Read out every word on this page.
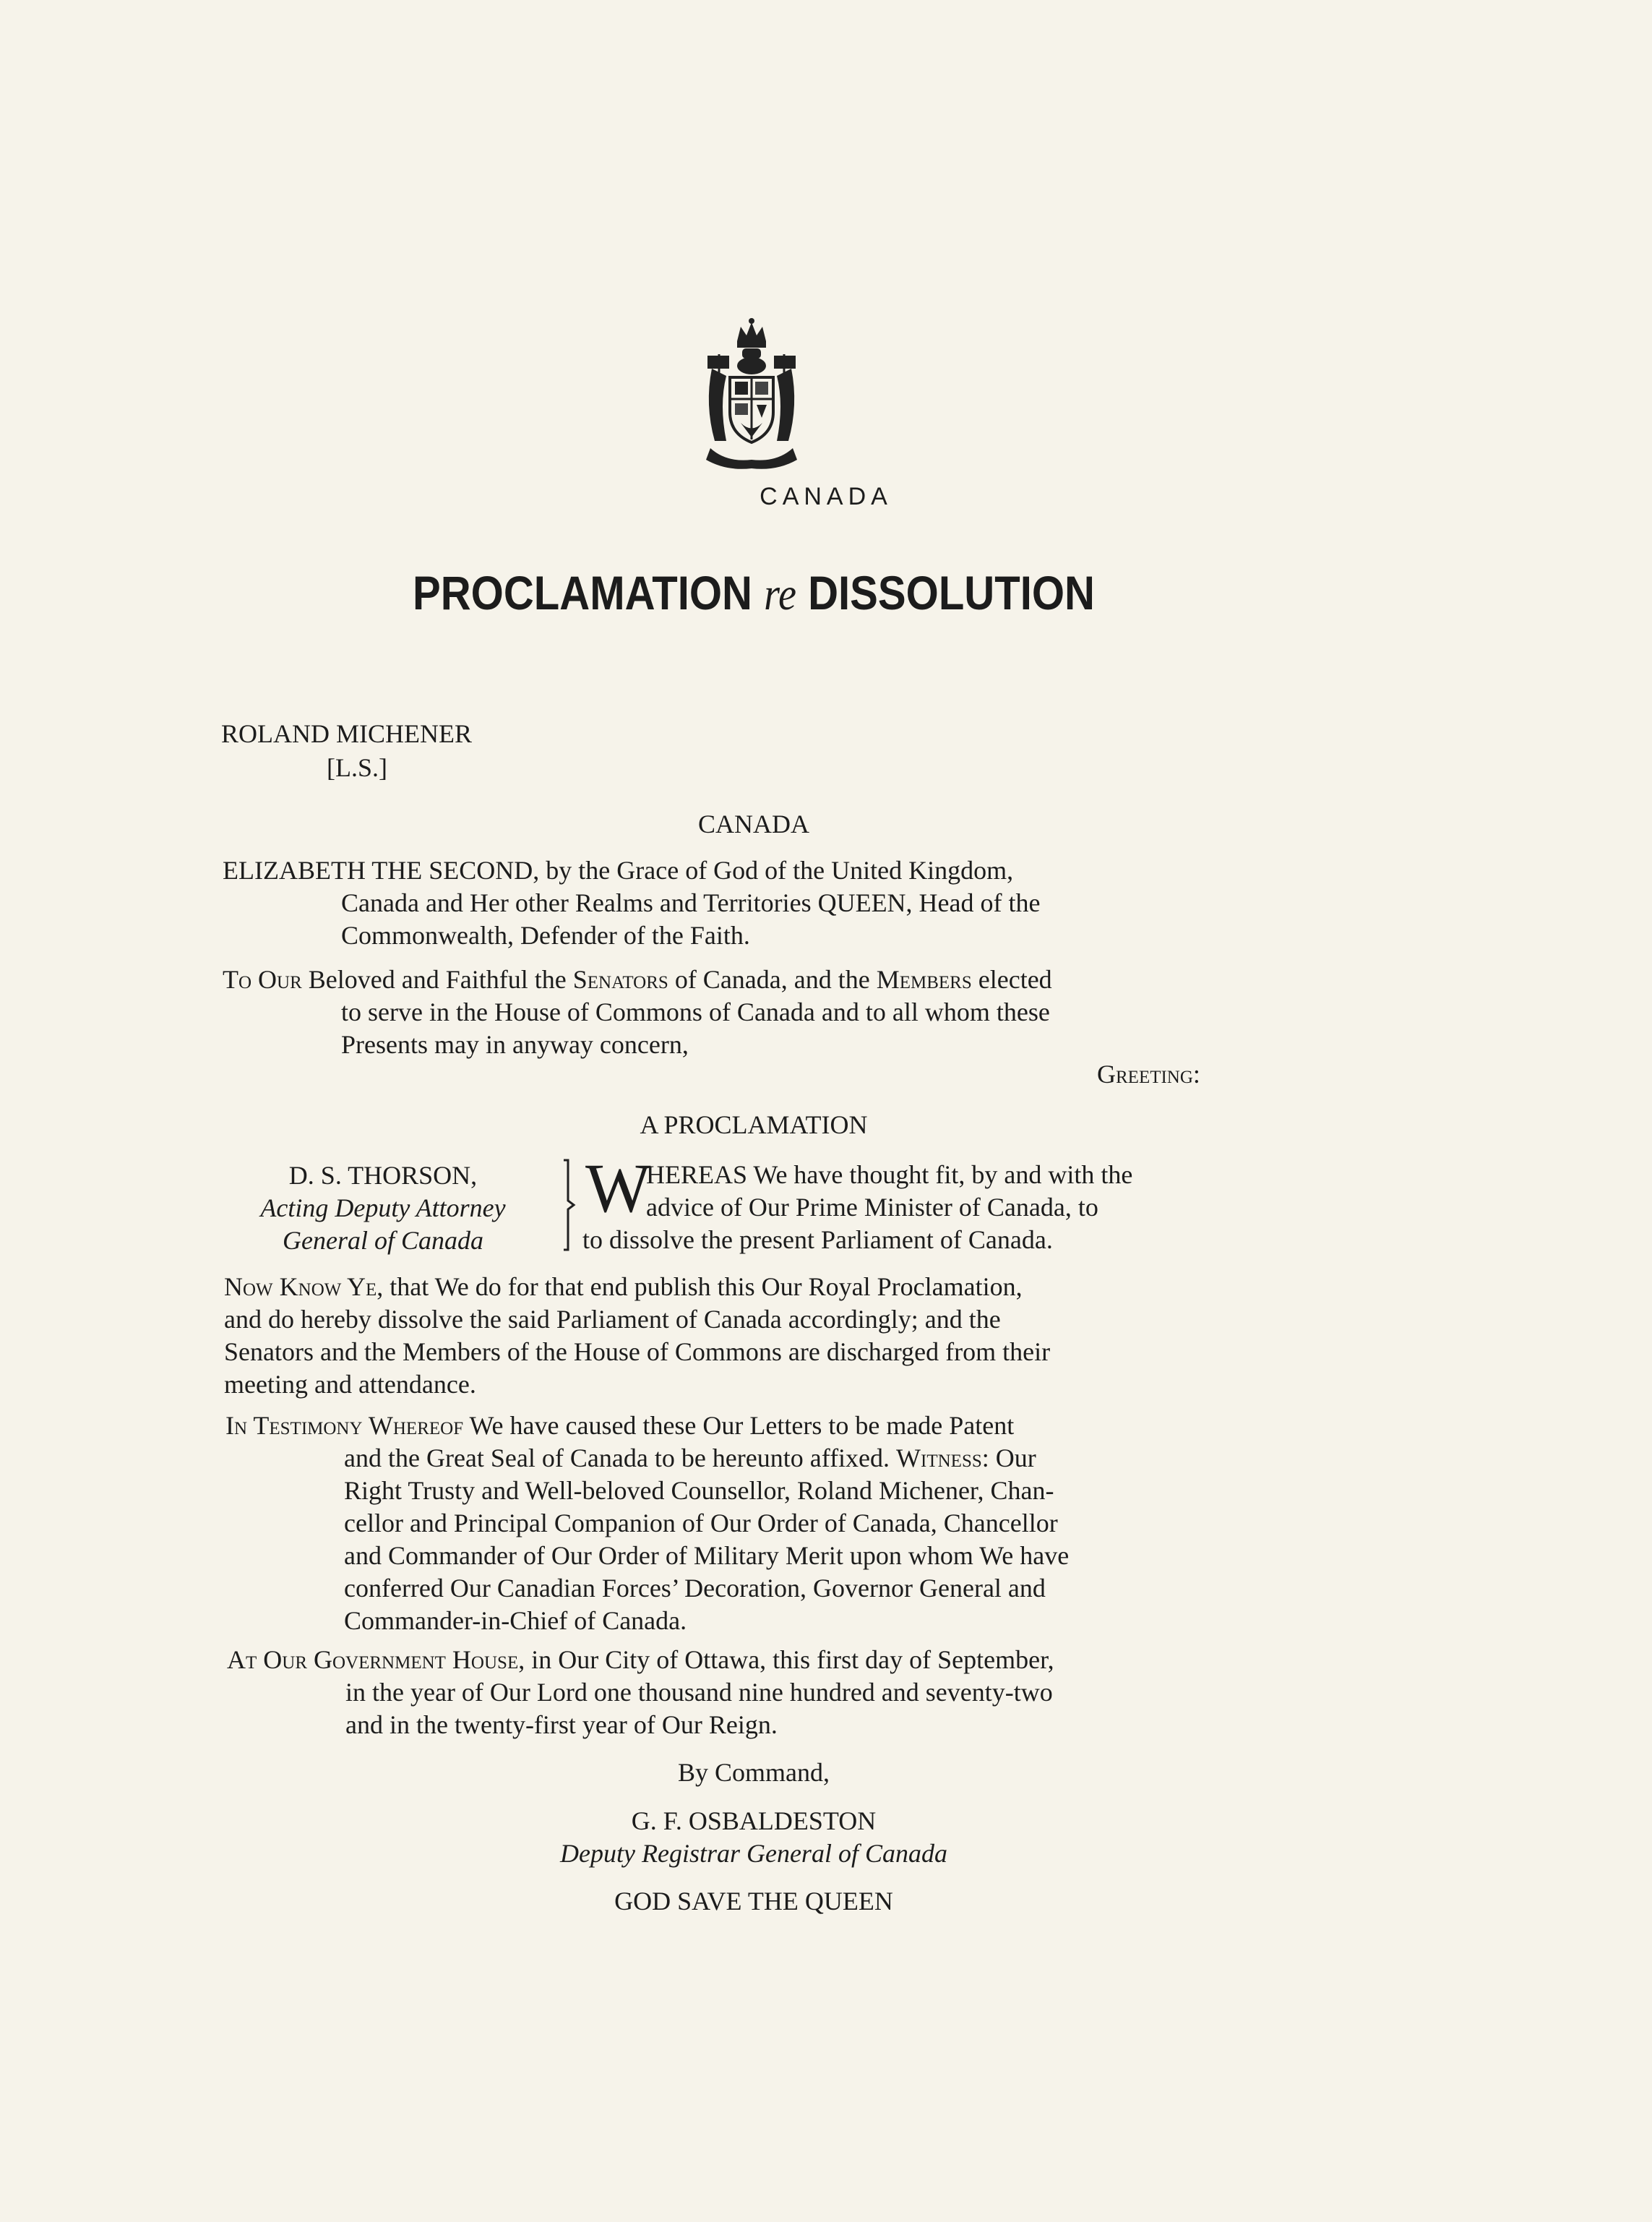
CANADA
PROCLAMATION re DISSOLUTION
ROLAND MICHENER
[L.S.]
CANADA
ELIZABETH THE SECOND, by the Grace of God of the United Kingdom,
Canada and Her other Realms and Territories QUEEN, Head of the
Commonwealth, Defender of the Faith.
To Our Beloved and Faithful the Senators of Canada, and the Members elected
to serve in the House of Commons of Canada and to all whom these
Presents may in anyway concern,
Greeting:
A PROCLAMATION
D. S. THORSON,
Acting Deputy Attorney
General of Canada
W
HEREAS We have thought fit, by and with the
advice of Our Prime Minister of Canada, to
to dissolve the present Parliament of Canada.
Now Know Ye, that We do for that end publish this Our Royal Proclamation,
and do hereby dissolve the said Parliament of Canada accordingly; and the
Senators and the Members of the House of Commons are discharged from their
meeting and attendance.
In Testimony Whereof We have caused these Our Letters to be made Patent
and the Great Seal of Canada to be hereunto affixed. Witness: Our
Right Trusty and Well-beloved Counsellor, Roland Michener, Chan-
cellor and Principal Companion of Our Order of Canada, Chancellor
and Commander of Our Order of Military Merit upon whom We have
conferred Our Canadian Forces’ Decoration, Governor General and
Commander-in-Chief of Canada.
At Our Government House, in Our City of Ottawa, this first day of September,
in the year of Our Lord one thousand nine hundred and seventy-two
and in the twenty-first year of Our Reign.
By Command,
G. F. OSBALDESTON
Deputy Registrar General of Canada
GOD SAVE THE QUEEN
